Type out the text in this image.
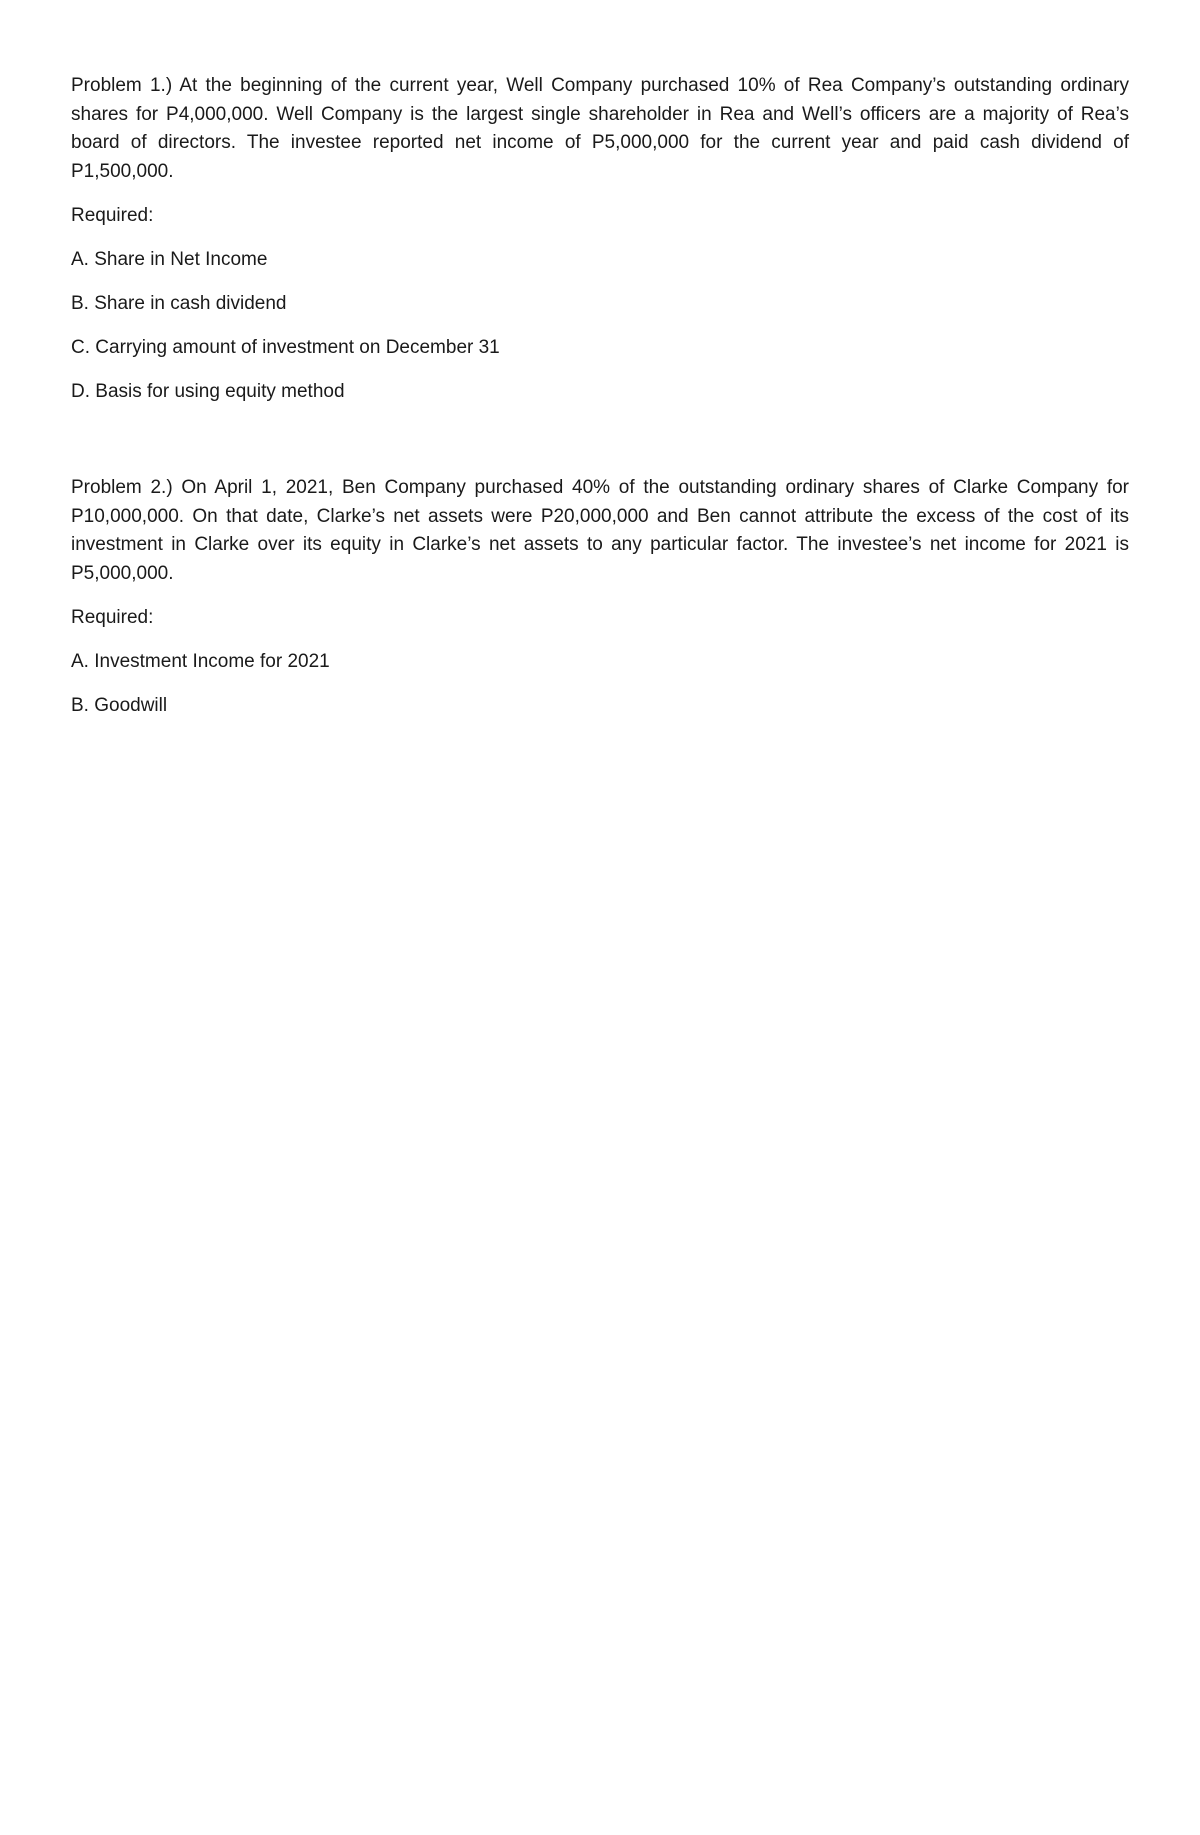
Problem 1.) At the beginning of the current year, Well Company purchased 10% of Rea Company’s outstanding ordinary shares for P4,000,000. Well Company is the largest single shareholder in Rea and Well’s officers are a majority of Rea’s board of directors. The investee reported net income of P5,000,000 for the current year and paid cash dividend of P1,500,000.

Required:

A. Share in Net Income

B. Share in cash dividend

C. Carrying amount of investment on December 31

D. Basis for using equity method

Problem 2.) On April 1, 2021, Ben Company purchased 40% of the outstanding ordinary shares of Clarke Company for P10,000,000. On that date, Clarke’s net assets were P20,000,000 and Ben cannot attribute the excess of the cost of its investment in Clarke over its equity in Clarke’s net assets to any particular factor. The investee’s net income for 2021 is P5,000,000.

Required:

A. Investment Income for 2021

B. Goodwill
